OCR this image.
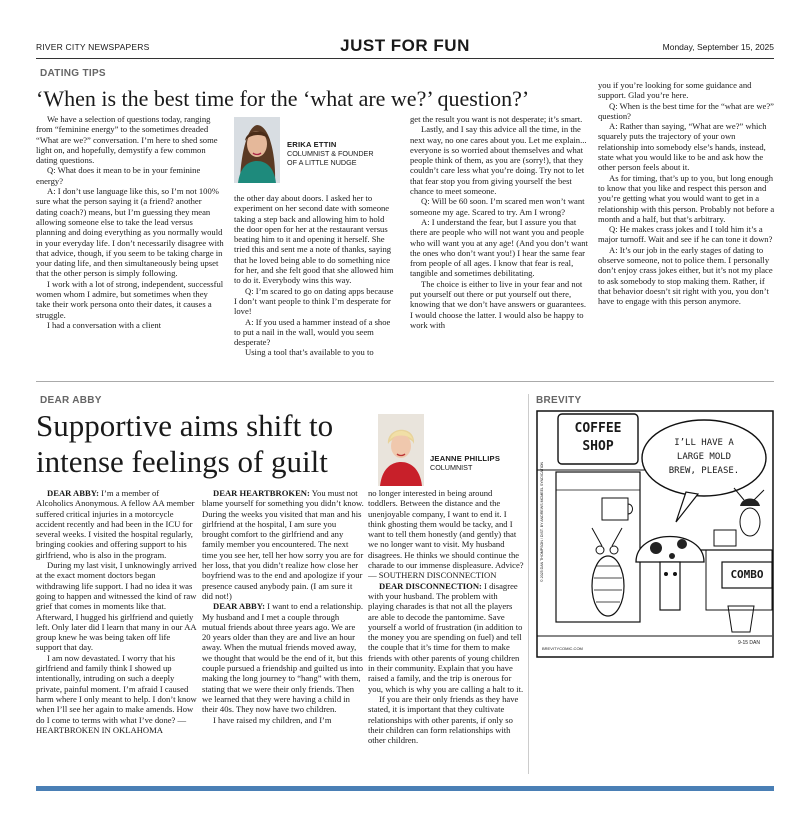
RIVER CITY NEWSPAPERS	JUST FOR FUN	Monday, September 15, 2025
DATING TIPS
‘When is the best time for the ‘what are we?’ question?’

We have a selection of questions today, ranging from “feminine energy” to the sometimes dreaded “What are we?” conversation. I’m here to shed some light on, and hopefully, demystify a few common dating questions.

Q: What does it mean to be in your feminine energy?

A: I don’t use language like this, so I’m not 100% sure what the person saying it (a friend? another dating coach?) means, but I’m guessing they mean allowing someone else to take the lead versus planning and doing everything as you normally would in your everyday life. I don’t necessarily disagree with that advice, though, if you seem to be taking charge in your dating life, and then simultaneously being upset that the other person is simply following.

I work with a lot of strong, independent, successful women whom I admire, but sometimes when they take their work persona onto their dates, it causes a struggle.

I had a conversation with a client

ERIKA ETTIN
COLUMNIST & FOUNDER
OF A LITTLE NUDGE

the other day about doors. I asked her to experiment on her second date with someone taking a step back and allowing him to hold the door open for her at the restaurant versus beating him to it and opening it herself. She tried this and sent me a note of thanks, saying that he loved being able to do something nice for her, and she felt good that she allowed him to do it. Everybody wins this way.

Q: I’m scared to go on dating apps because I don’t want people to think I’m desperate for love!

A: If you used a hammer instead of a shoe to put a nail in the wall, would you seem desperate?

Using a tool that’s available to you to

get the result you want is not desperate; it’s smart.

Lastly, and I say this advice all the time, in the next way, no one cares about you. Let me explain... everyone is so worried about themselves and what people think of them, as you are (sorry!), that they couldn’t care less what you’re doing. Try not to let that fear stop you from giving yourself the best chance to meet someone.

Q: Will be 60 soon. I’m scared men won’t want someone my age. Scared to try. Am I wrong?

A: I understand the fear, but I assure you that there are people who will not want you and people who will want you at any age! (And you don’t want the ones who don’t want you!) I hear the same fear from people of all ages. I know that fear is real, tangible and sometimes debilitating.

The choice is either to live in your fear and not put yourself out there or put yourself out there, knowing that we don’t have answers or guarantees. I would choose the latter. I would also be happy to work with

you if you’re looking for some guidance and support. Glad you’re here.

Q: When is the best time for the “what are we?” question?

A: Rather than saying, “What are we?” which squarely puts the trajectory of your own relationship into somebody else’s hands, instead, state what you would like to be and ask how the other person feels about it.

As for timing, that’s up to you, but long enough to know that you like and respect this person and you’re getting what you would want to get in a relationship with this person. Probably not before a month and a half, but that’s arbitrary.

Q: He makes crass jokes and I told him it’s a major turnoff. Wait and see if he can tone it down?

A: It’s our job in the early stages of dating to observe someone, not to police them. I personally don’t enjoy crass jokes either, but it’s not my place to ask somebody to stop making them. Rather, if that behavior doesn’t sit right with you, you don’t have to engage with this person anymore.

DEAR ABBY
Supportive aims shift to intense feelings of guilt	JEANNE PHILLIPS
COLUMNIST

DEAR ABBY: I’m a member of Alcoholics Anonymous. A fellow AA member suffered critical injuries in a motorcycle accident recently and had been in the ICU for several weeks. I visited the hospital regularly, bringing cookies and offering support to his girlfriend, who is also in the program.

During my last visit, I unknowingly arrived at the exact moment doctors began withdrawing life support. I had no idea it was going to happen and witnessed the kind of raw grief that comes in moments like that. Afterward, I hugged his girlfriend and quietly left. Only later did I learn that many in our AA group knew he was being taken off life support that day.

I am now devastated. I worry that his girlfriend and family think I showed up intentionally, intruding on such a deeply private, painful moment. I’m afraid I caused harm where I only meant to help. I don’t know when I’ll see her again to make amends. How do I come to terms with what I’ve done? — HEARTBROKEN IN OKLAHOMA

DEAR HEARTBROKEN: You must not blame yourself for something you didn’t know. During the weeks you visited that man and his girlfriend at the hospital, I am sure you brought comfort to the girlfriend and any family member you encountered. The next time you see her, tell her how sorry you are for her loss, that you didn’t realize how close her boyfriend was to the end and apologize if your presence caused anybody pain. (I am sure it did not!)

DEAR ABBY: I want to end a relationship. My husband and I met a couple through mutual friends about three years ago. We are 20 years older than they are and live an hour away. When the mutual friends moved away, we thought that would be the end of it, but this couple pursued a friendship and guilted us into making the long journey to “hang” with them, stating that we were their only friends. Then we learned that they were having a child in their 40s. They now have two children.

I have raised my children, and I’m

no longer interested in being around toddlers. Between the distance and the unenjoyable company, I want to end it. I think ghosting them would be tacky, and I want to tell them honestly (and gently) that we no longer want to visit. My husband disagrees. He thinks we should continue the charade to our immense displeasure. Advice? — SOUTHERN DISCONNECTION

DEAR DISCONNECTION: I disagree with your husband. The problem with playing charades is that not all the players are able to decode the pantomime. Save yourself a world of frustration (in addition to the money you are spending on fuel) and tell the couple that it’s time for them to make friends with other parents of young children in their community. Explain that you have raised a family, and the trip is onerous for you, which is why you are calling a halt to it.

If you are their only friends as they have stated, it is important that they cultivate relationships with other parents, if only so their children can form relationships with other children.

BREVITY
COFFEE
SHOP	I’LL HAVE A
LARGE MOLD
BREW, PLEASE.
COMBO
9-15 DAN
BREVITYCOMIC.COM
© 2025 DAN THOMPSON / DIST. BY ANDREWS MCMEEL SYNDICATION
